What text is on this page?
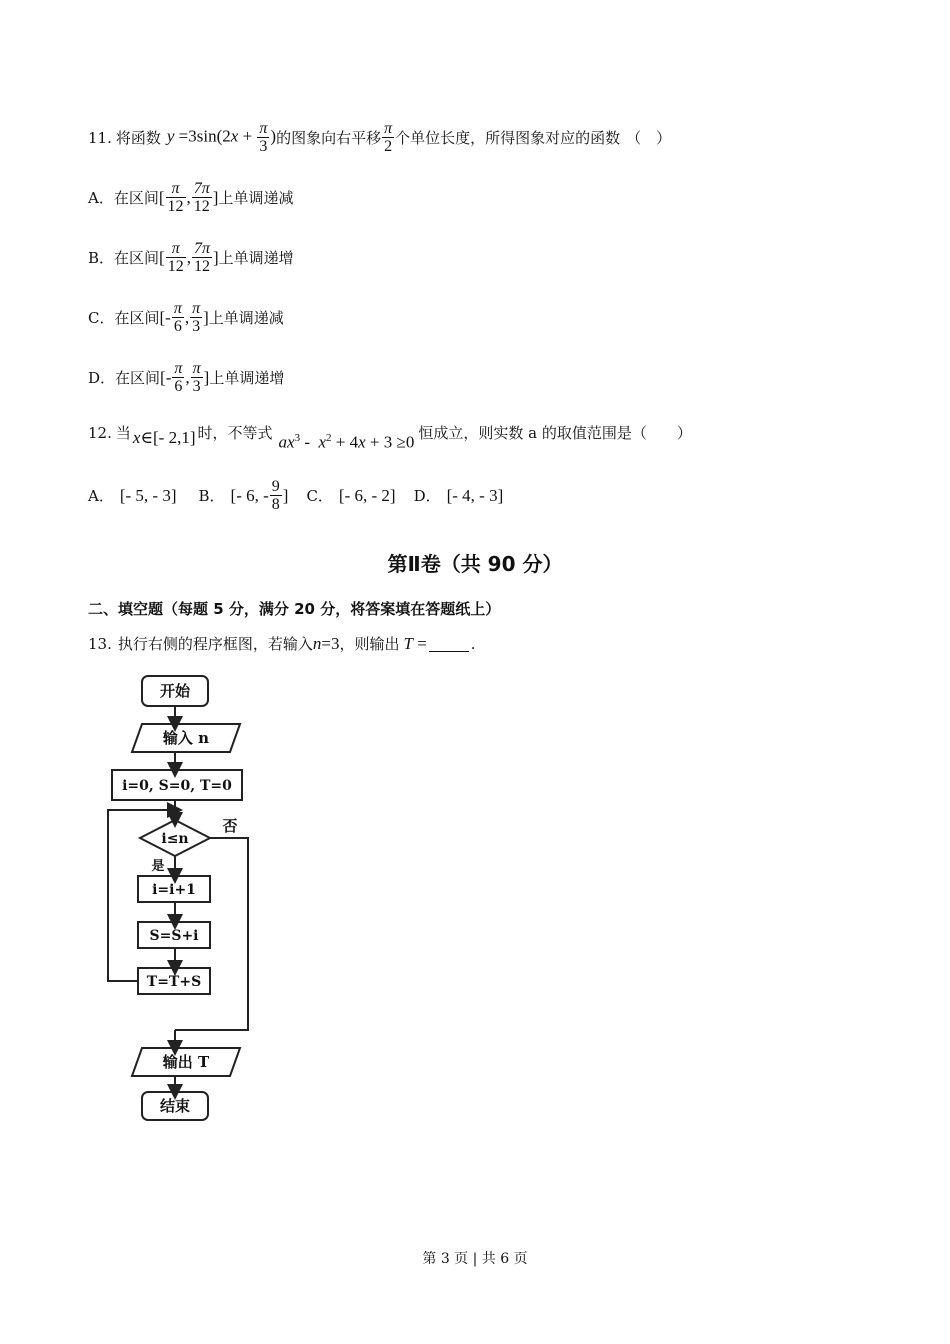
11. 将函数 $y =3\sin(2x + \frac{\pi}{3}$ ) 的图象向右平移 $\frac{\pi}{2}$ 个单位长度，所得图象对应的函数 （　）
A．在区间 [ $\frac{\pi}{12}$ , $\frac{7\pi}{12}$ ] 上单调递减
B．在区间 [ $\frac{\pi}{12}$ , $\frac{7\pi}{12}$ ] 上单调递增
C．在区间 [ - $\frac{\pi}{6}$ , $\frac{\pi}{3}$ ] 上单调递减
D．在区间 [ - $\frac{\pi}{6}$ , $\frac{\pi}{3}$ ] 上单调递增
12. 当 x∈[- 2,1] 时，不等式 $ax^3 - x^2 + 4x + 3 \ge 0$ 恒成立，则实数 a 的取值范围是（　　）
A． [- 5, - 3] B． [- 6, - $\frac{9}{8}$ ] C． [- 6, - 2] D． [- 4, - 3]
第Ⅱ卷（共 90 分）
二、填空题（每题 5 分，满分 20 分，将答案填在答题纸上）
13. 执行右侧的程序框图，若输入 n=3 ，则输出 T =	.
开始
输入 n
i=0, S=0, T=0
i≤n
否
是
i=i+1
S=S+i
T=T+S
输出 T
结束
第 3 页 | 共 6 页
